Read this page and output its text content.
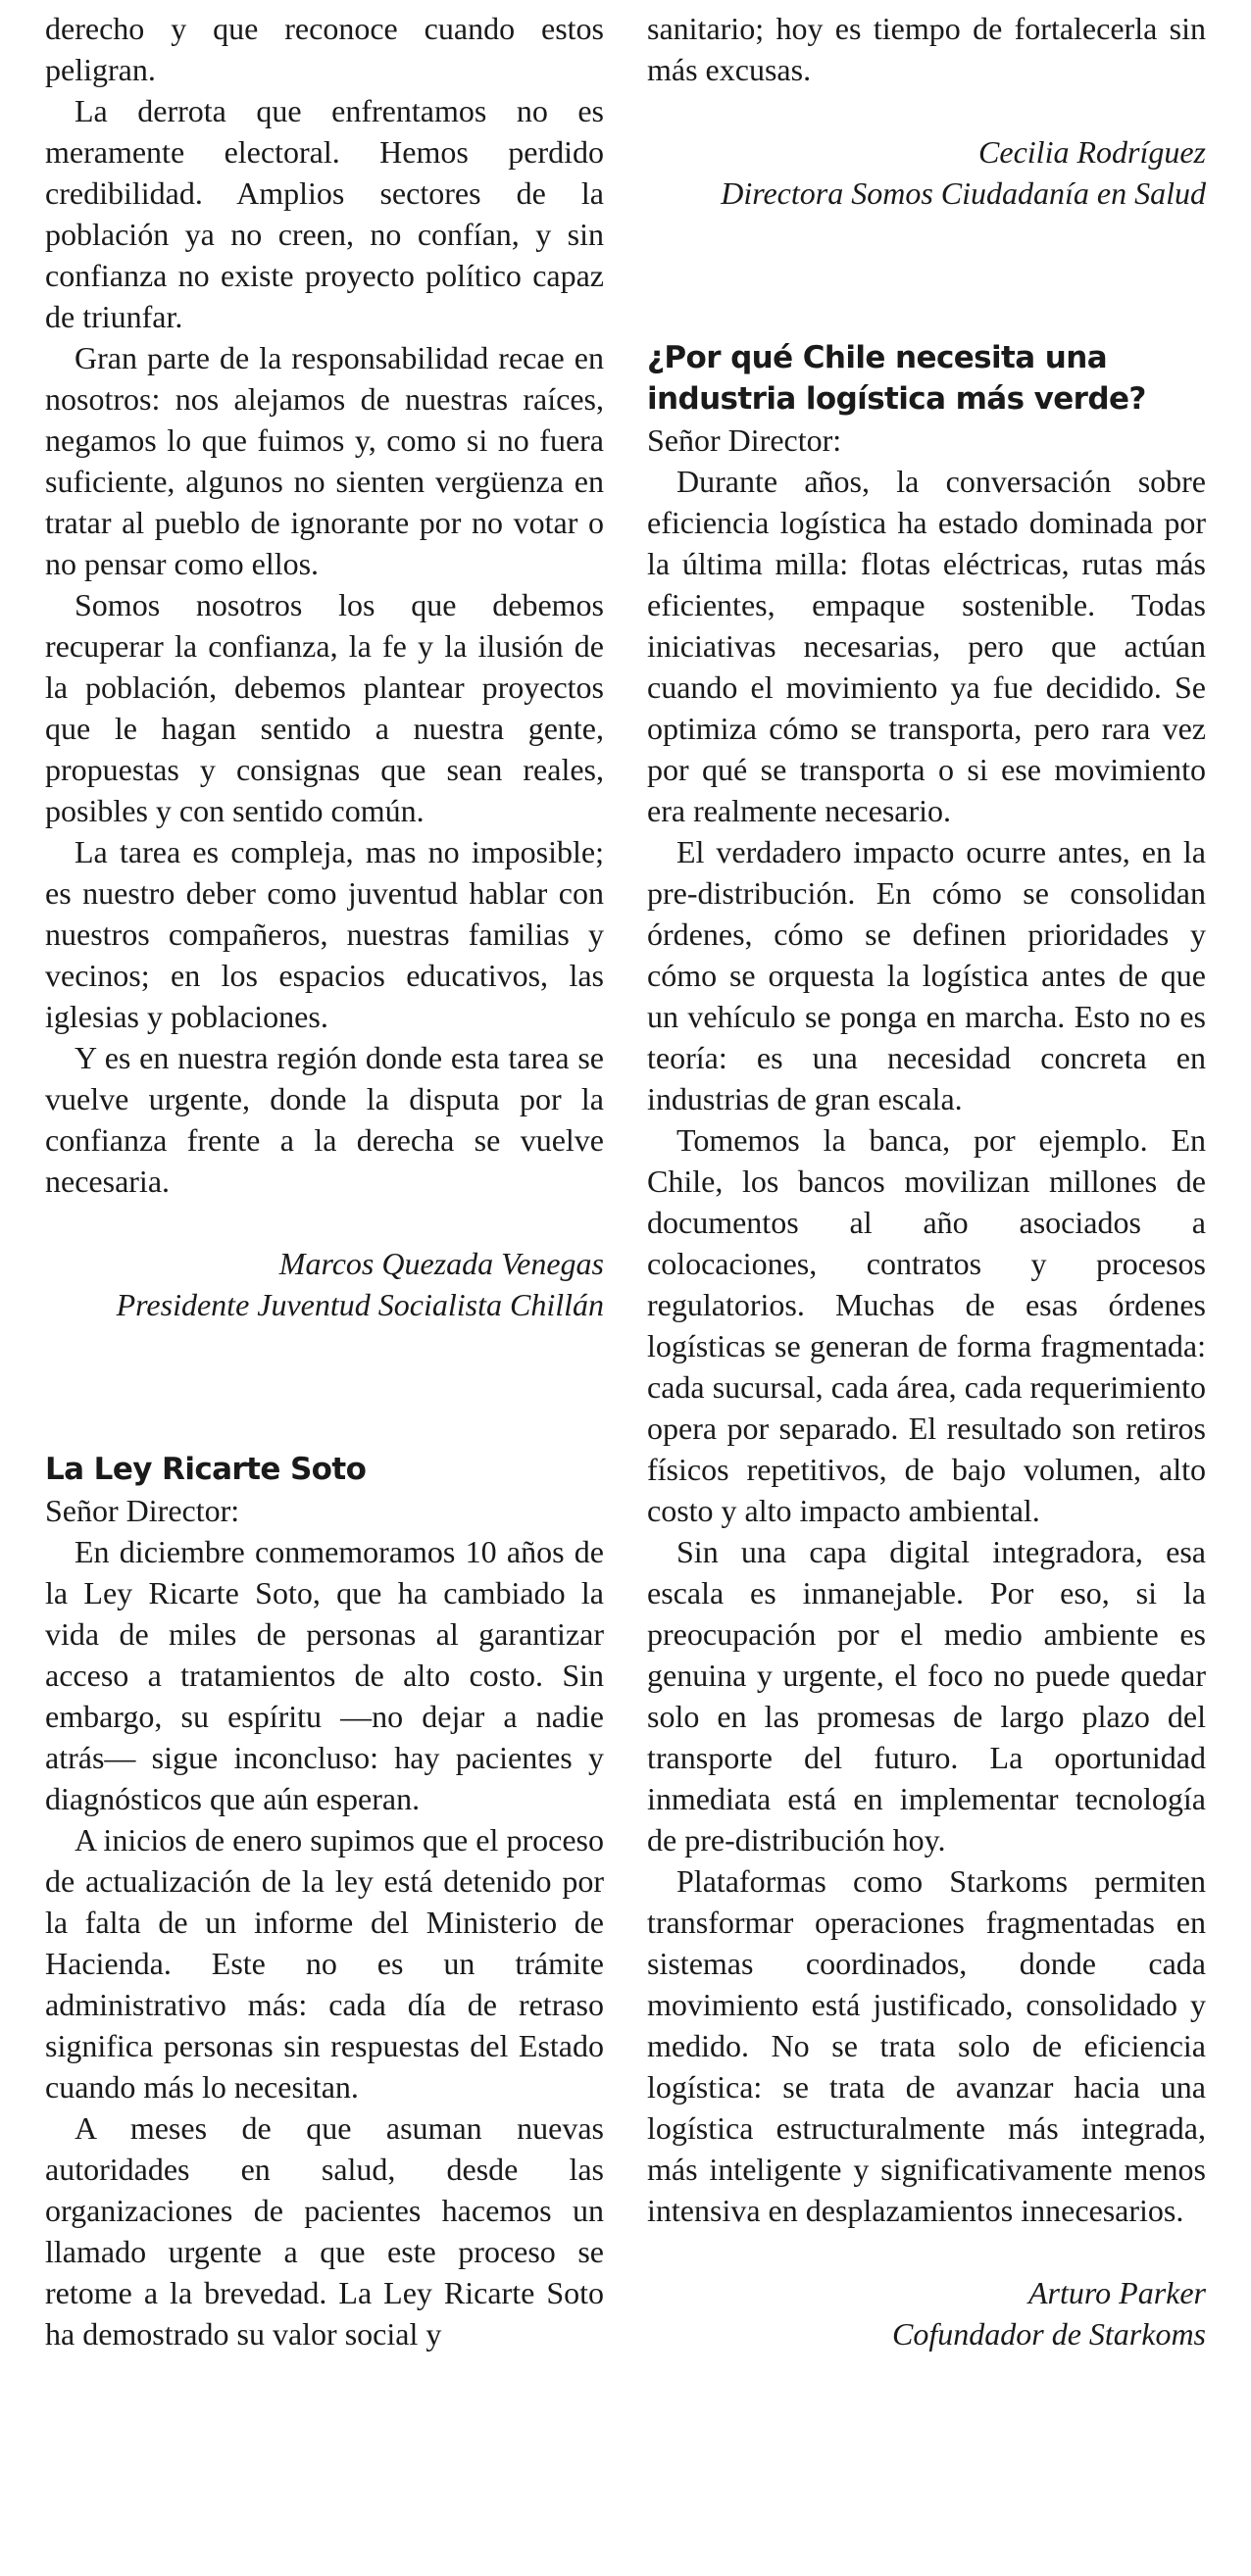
derecho y que reconoce cuando estos peligran.

La derrota que enfrentamos no es meramente electoral. Hemos perdido credibilidad. Amplios sectores de la población ya no creen, no confían, y sin confianza no existe proyecto político capaz de triunfar.

Gran parte de la responsabilidad recae en nosotros: nos alejamos de nuestras raíces, negamos lo que fuimos y, como si no fuera suficiente, algunos no sienten vergüenza en tratar al pueblo de ignorante por no votar o no pensar como ellos.

Somos nosotros los que debemos recuperar la confianza, la fe y la ilusión de la población, debemos plantear proyectos que le hagan sentido a nuestra gente, propuestas y consignas que sean reales, posibles y con sentido común.

La tarea es compleja, mas no imposible; es nuestro deber como juventud hablar con nuestros compañeros, nuestras familias y vecinos; en los espacios educativos, las iglesias y poblaciones.

Y es en nuestra región donde esta tarea se vuelve urgente, donde la disputa por la confianza frente a la derecha se vuelve necesaria.

Marcos Quezada Venegas
Presidente Juventud Socialista Chillán
La Ley Ricarte Soto

Señor Director:

En diciembre conmemoramos 10 años de la Ley Ricarte Soto, que ha cambiado la vida de miles de personas al garantizar acceso a tratamientos de alto costo. Sin embargo, su espíritu —no dejar a nadie atrás— sigue inconcluso: hay pacientes y diagnósticos que aún esperan.

A inicios de enero supimos que el proceso de actualización de la ley está detenido por la falta de un informe del Ministerio de Hacienda. Este no es un trámite administrativo más: cada día de retraso significa personas sin respuestas del Estado cuando más lo necesitan.

A meses de que asuman nuevas autoridades en salud, desde las organizaciones de pacientes hacemos un llamado urgente a que este proceso se retome a la brevedad. La Ley Ricarte Soto ha demostrado su valor social y

sanitario; hoy es tiempo de fortalecerla sin más excusas.

Cecilia Rodríguez
Directora Somos Ciudadanía en Salud
¿Por qué Chile necesita una
industria logística más verde?

Señor Director:

Durante años, la conversación sobre eficiencia logística ha estado dominada por la última milla: flotas eléctricas, rutas más eficientes, empaque sostenible. Todas iniciativas necesarias, pero que actúan cuando el movimiento ya fue decidido. Se optimiza cómo se transporta, pero rara vez por qué se transporta o si ese movimiento era realmente necesario.

El verdadero impacto ocurre antes, en la pre-distribución. En cómo se consolidan órdenes, cómo se definen prioridades y cómo se orquesta la logística antes de que un vehículo se ponga en marcha. Esto no es teoría: es una necesidad concreta en industrias de gran escala.

Tomemos la banca, por ejemplo. En Chile, los bancos movilizan millones de documentos al año asociados a colocaciones, contratos y procesos regulatorios. Muchas de esas órdenes logísticas se generan de forma fragmentada: cada sucursal, cada área, cada requerimiento opera por separado. El resultado son retiros físicos repetitivos, de bajo volumen, alto costo y alto impacto ambiental.

Sin una capa digital integradora, esa escala es inmanejable. Por eso, si la preocupación por el medio ambiente es genuina y urgente, el foco no puede quedar solo en las promesas de largo plazo del transporte del futuro. La oportunidad inmediata está en implementar tecnología de pre-distribución hoy.

Plataformas como Starkoms permiten transformar operaciones fragmentadas en sistemas coordinados, donde cada movimiento está justificado, consolidado y medido. No se trata solo de eficiencia logística: se trata de avanzar hacia una logística estructuralmente más integrada, más inteligente y significativamente menos intensiva en desplazamientos innecesarios.

Arturo Parker
Cofundador de Starkoms
